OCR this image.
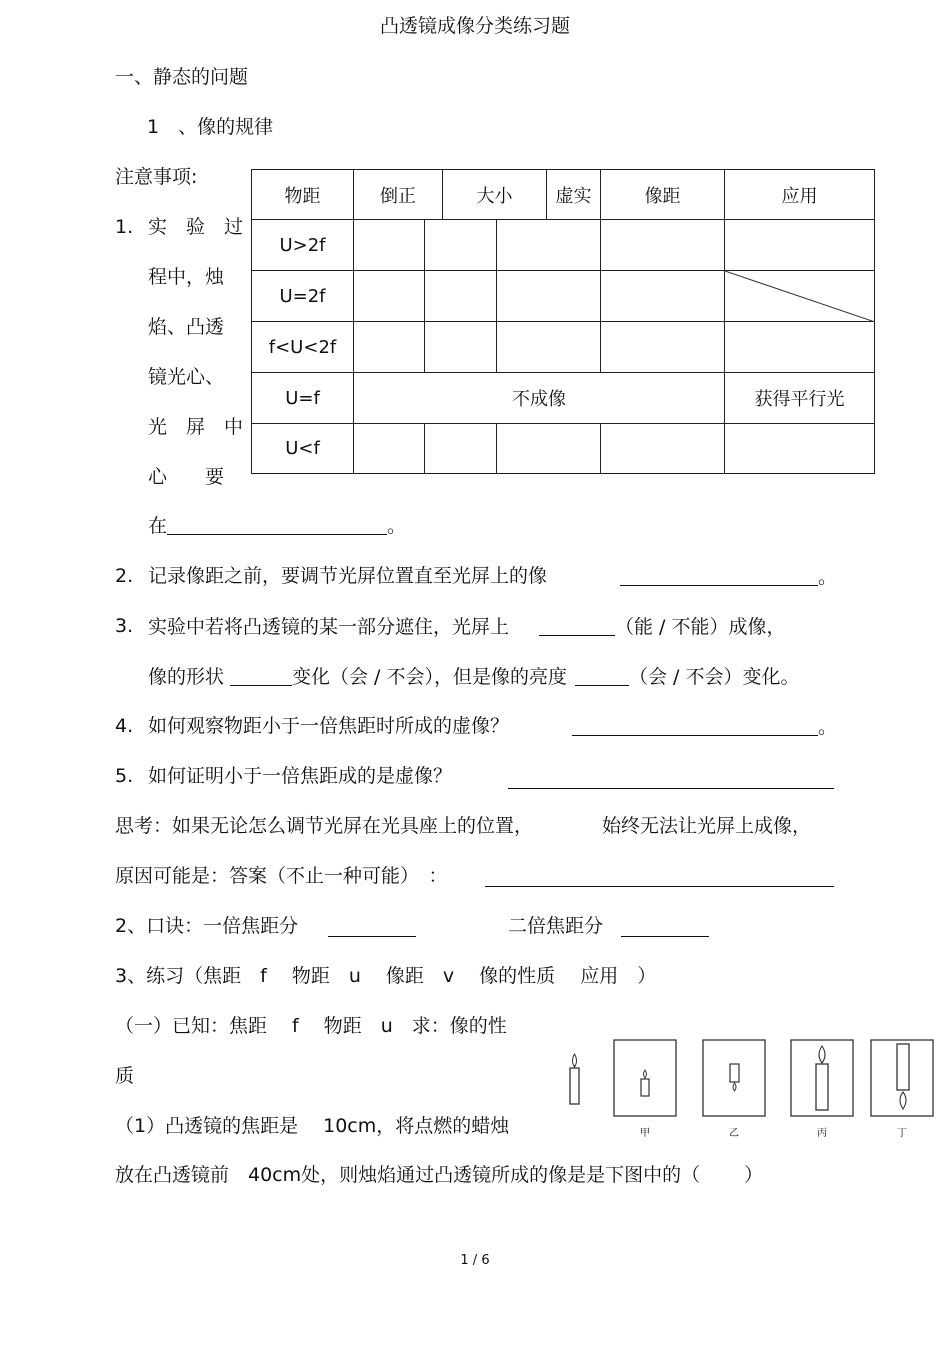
凸透镜成像分类练习题
一、静态的问题
1　、像的规律
注意事项:
1. 实　验　过
程中，烛
焰、凸透
镜光心、
光　屏　中
心　　要
在	。
物距	倒正		大小		虚实	像距	应用
U>2f							
U=2f					

f<U<2f							
U=f	不成像						获得平行光
U<f							
2. 记录像距之前，要调节光屏位置直至光屏上的像	。
3. 实验中若将凸透镜的某一部分遮住，光屏上	（能 / 不能）成像，
像的形状	变化（会 / 不会），但是像的亮度	（会 / 不会）变化。
4. 如何观察物距小于一倍焦距时所成的虚像？	。
5. 如何证明小于一倍焦距成的是虚像？
思考：如果无论怎么调节光屏在光具座上的位置，	始终无法让光屏上成像，
原因可能是：答案（不止一种可能）　：
2、口诀：一倍焦距分	二倍焦距分
3、练习（焦距　f　 物距　u　 像距　v　 像的性质　 应用　）
（一）已知：焦距　 f　 物距　u　求：像的性
质
（1）凸透镜的焦距是　 10cm，将点燃的蜡烛
放在凸透镜前　40cm处，则烛焰通过凸透镜所成的像是是下图中的（　　 ）
甲	乙	丙	丁
1 / 6
